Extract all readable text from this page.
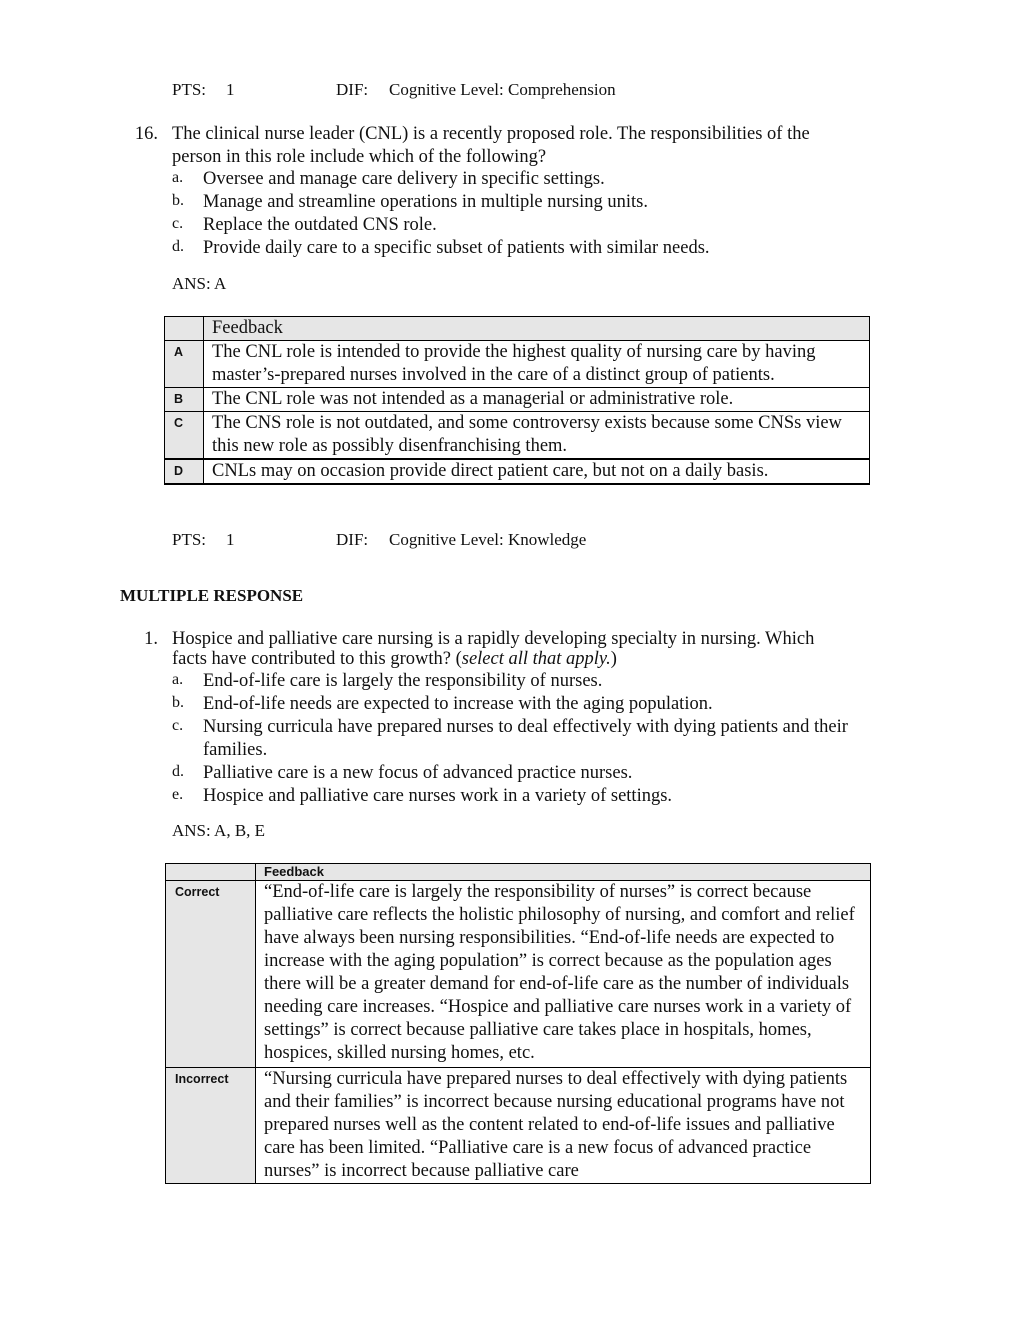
PTS: 1	DIF: Cognitive Level: Comprehension
16. The clinical nurse leader (CNL) is a recently proposed role. The responsibilities of the
person in this role include which of the following?
a. Oversee and manage care delivery in specific settings.
b. Manage and streamline operations in multiple nursing units.
c. Replace the outdated CNS role.
d. Provide daily care to a specific subset of patients with similar needs.
ANS: A
	Feedback
A	The CNL role is intended to provide the highest quality of nursing care by having master’s-prepared nurses involved in the care of a distinct group of patients.
B	The CNL role was not intended as a managerial or administrative role.
C	The CNS role is not outdated, and some controversy exists because some CNSs view this new role as possibly disenfranchising them.
D	CNLs may on occasion provide direct patient care, but not on a daily basis.
PTS: 1	DIF: Cognitive Level: Knowledge
MULTIPLE RESPONSE
1. Hospice and palliative care nursing is a rapidly developing specialty in nursing. Which
facts have contributed to this growth? (select all that apply.)
a. End-of-life care is largely the responsibility of nurses.
b. End-of-life needs are expected to increase with the aging population.
c. Nursing curricula have prepared nurses to deal effectively with dying patients and their families.
d. Palliative care is a new focus of advanced practice nurses.
e. Hospice and palliative care nurses work in a variety of settings.
ANS: A, B, E
	Feedback
Correct	“End-of-life care is largely the responsibility of nurses” is correct because palliative care reflects the holistic philosophy of nursing, and comfort and relief have always been nursing responsibilities. “End-of-life needs are expected to increase with the aging population” is correct because as the population ages there will be a greater demand for end-of-life care as the number of individuals needing care increases. “Hospice and palliative care nurses work in a variety of settings” is correct because palliative care takes place in hospitals, homes, hospices, skilled nursing homes, etc.
Incorrect	“Nursing curricula have prepared nurses to deal effectively with dying patients and their families” is incorrect because nursing educational programs have not prepared nurses well as the content related to end-of-life issues and palliative care has been limited. “Palliative care is a new focus of advanced practice nurses” is incorrect because palliative care
